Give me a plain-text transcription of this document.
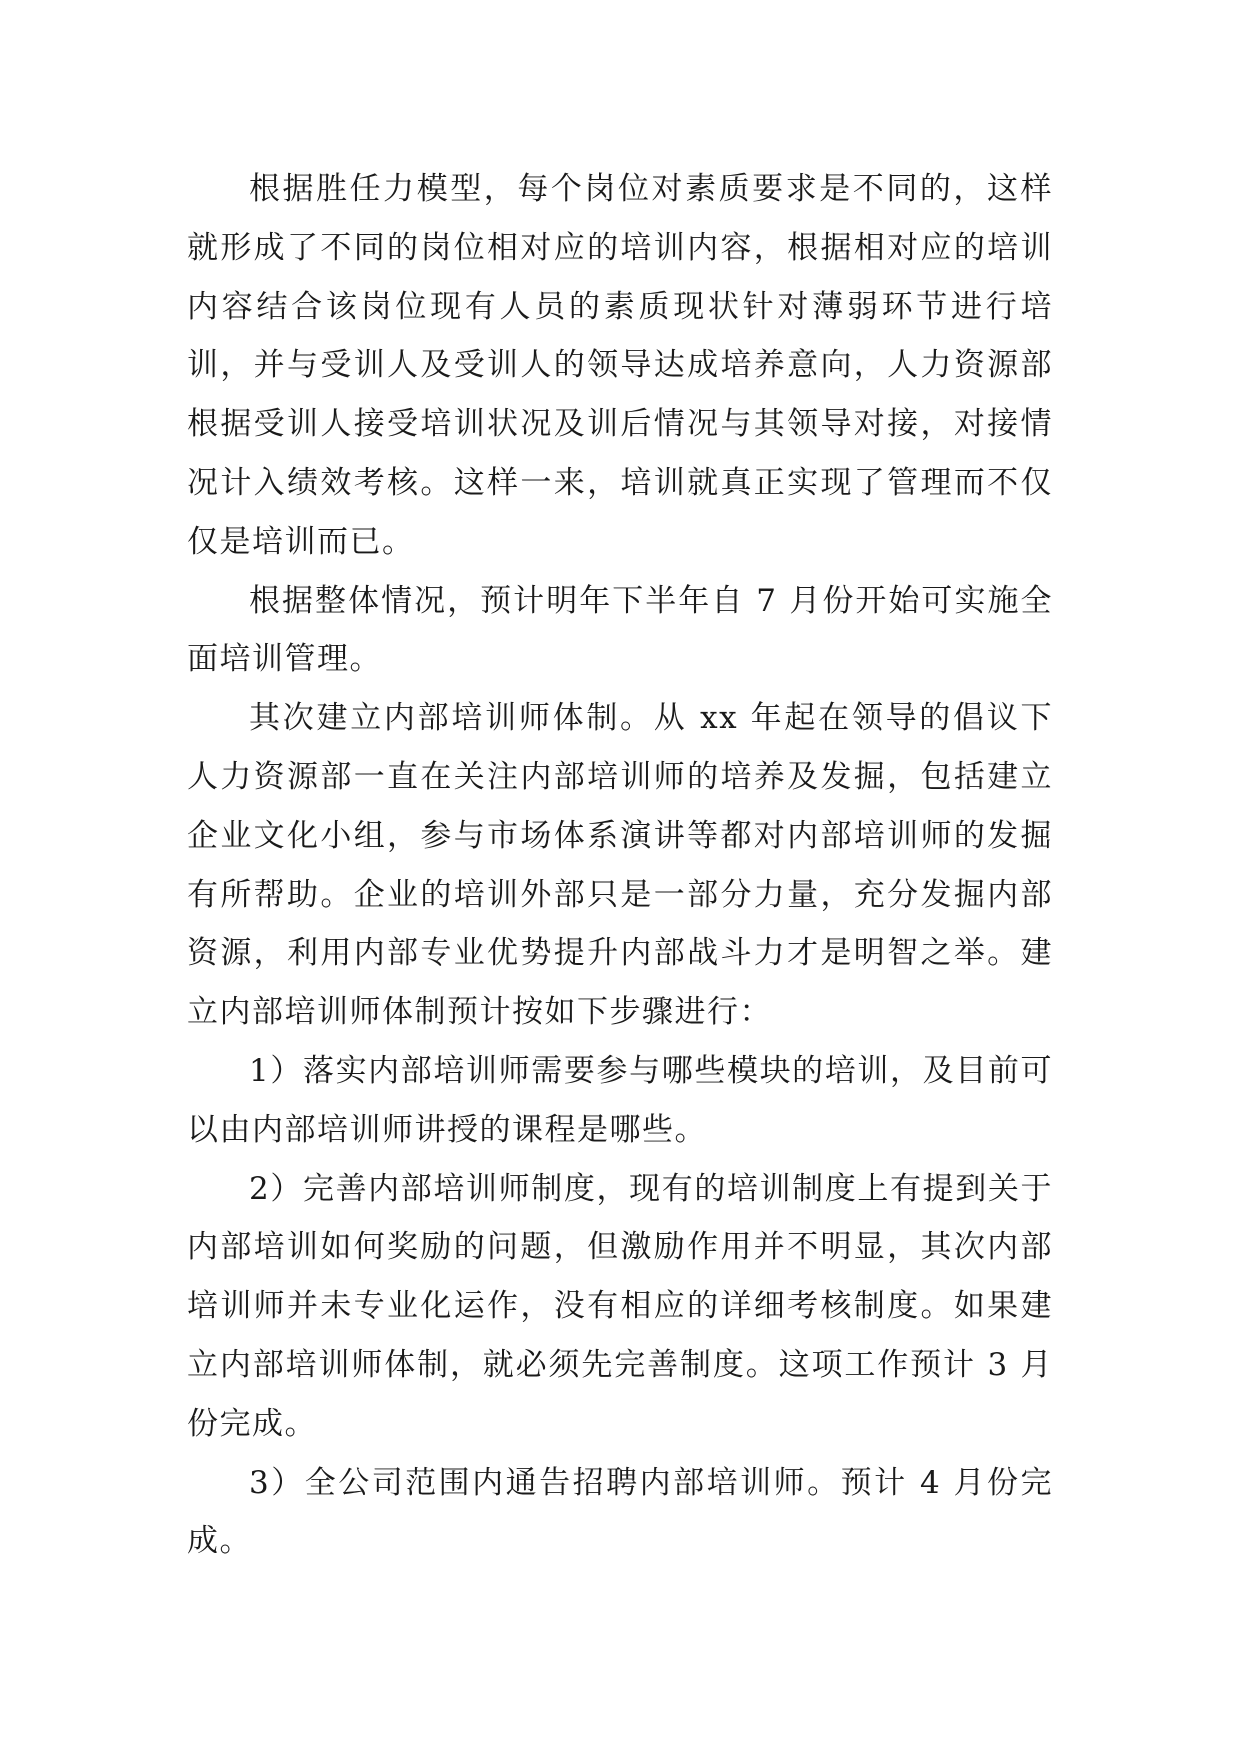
根据胜任力模型，每个岗位对素质要求是不同的，这样就形成了不同的岗位相对应的培训内容，根据相对应的培训内容结合该岗位现有人员的素质现状针对薄弱环节进行培训，并与受训人及受训人的领导达成培养意向，人力资源部根据受训人接受培训状况及训后情况与其领导对接，对接情况计入绩效考核。这样一来，培训就真正实现了管理而不仅仅是培训而已。

根据整体情况，预计明年下半年自 7 月份开始可实施全面培训管理。

其次建立内部培训师体制。从 xx 年起在领导的倡议下人力资源部一直在关注内部培训师的培养及发掘，包括建立企业文化小组，参与市场体系演讲等都对内部培训师的发掘有所帮助。企业的培训外部只是一部分力量，充分发掘内部资源，利用内部专业优势提升内部战斗力才是明智之举。建立内部培训师体制预计按如下步骤进行：

1）落实内部培训师需要参与哪些模块的培训，及目前可以由内部培训师讲授的课程是哪些。

2）完善内部培训师制度，现有的培训制度上有提到关于内部培训如何奖励的问题，但激励作用并不明显，其次内部培训师并未专业化运作，没有相应的详细考核制度。如果建立内部培训师体制，就必须先完善制度。这项工作预计 3 月份完成。

3）全公司范围内通告招聘内部培训师。预计 4 月份完成。
